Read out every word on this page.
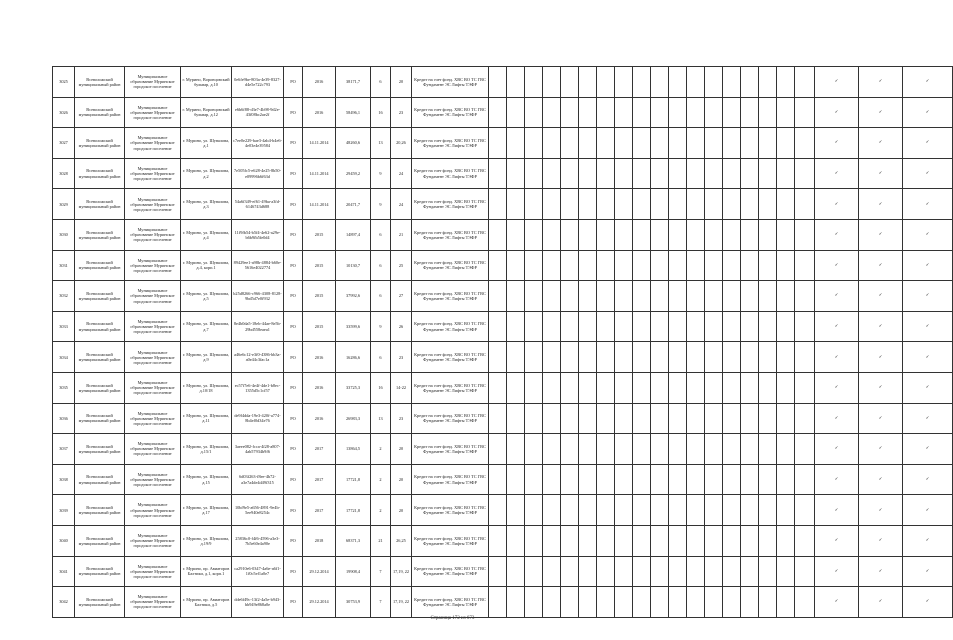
3025	Всеволожский муниципальный район	Муниципальное образование Муринское городское поселение	г. Мурино, Воронцовский бульвар, д.10	0e6fe9be-803a-4e39-8327-d4e5e722c793	РО	2016	38171,7	6	20	Кредит на счет фонд. ХВС ВО ТС ГВС Фундамент ЭС Лифты ТЭФР																			✓	✓	✓
3026	Всеволожский муниципальный район	Муниципальное образование Муринское городское поселение	г. Мурино, Воронцовский бульвар, д.12	e6b6f88-d3e7-4b98-9d2e-43f08bc2ae2f	РО	2016	58496,1	16	23	Кредит на счет фонд. ХВС ВО ТС ГВС Фундамент ЭС Лифты ТЭФР																			✓	✓	✓
3027	Всеволожский муниципальный район	Муниципальное образование Муринское городское поселение	г. Мурино, ул. Шувалова, д.1	c7ee0e229-bae3-4ab4-b4e6-4e03e4e39584	РО	14.11.2014	48260,6	13	20,26	Кредит на счет фонд. ХВС ВО ТС ГВС Фундамент ЭС Лифты ТЭФР																			✓	✓	✓
3028	Всеволожский муниципальный район	Муниципальное образование Муринское городское поселение	г. Мурино, ул. Шувалова, д.2	7e505fc5-e628-4e25-8b50-e09996b6f63d	РО	14.11.2014	29459,2	9	24	Кредит на счет фонд. ХВС ВО ТС ГВС Фундамент ЭС Лифты ТЭФР																			✓	✓	✓
3029	Всеволожский муниципальный район	Муниципальное образование Муринское городское поселение	г. Мурино, ул. Шувалова, д.3	54a6f349-ef61-49ba-a3fd-6146743d688	РО	14.11.2014	20471,7	9	24	Кредит на счет фонд. ХВС ВО ТС ГВС Фундамент ЭС Лифты ТЭФР																			✓	✓	✓
3030	Всеволожский муниципальный район	Муниципальное образование Муринское городское поселение	г. Мурино, ул. Шувалова, д.4	11f9fb54-b5f4-4e62-a29e-b6b9fb5fe0d4	РО	2015	14897,4	6	21	Кредит на счет фонд. ХВС ВО ТС ГВС Фундамент ЭС Лифты ТЭФР																			✓	✓	✓
3031	Всеволожский муниципальный район	Муниципальное образование Муринское городское поселение	г. Мурино, ул. Шувалова, д.4, корп.1	89429ee1-a98b-4884-b60e-5616e4022774	РО	2015	10130,7	6	25	Кредит на счет фонд. ХВС ВО ТС ГВС Фундамент ЭС Лифты ТЭФР																			✓	✓	✓
3032	Всеволожский муниципальный район	Муниципальное образование Муринское городское поселение	г. Мурино, ул. Шувалова, д.5	b25d8266-c966-4308-8128-9bd5d7e0f932	РО	2015	37992,6	6	27	Кредит на счет фонд. ХВС ВО ТС ГВС Фундамент ЭС Лифты ТЭФР																			✓	✓	✓
3033	Всеволожский муниципальный район	Муниципальное образование Муринское городское поселение	г. Мурино, ул. Шувалова, д.7	8e4b0da5-18eb-44ae-8e5b-29bd558eaea1	РО	2015	33599,6	9	26	Кредит на счет фонд. ХВС ВО ТС ГВС Фундамент ЭС Лифты ТЭФР																			✓	✓	✓
3034	Всеволожский муниципальный район	Муниципальное образование Муринское городское поселение	г. Мурино, ул. Шувалова, д.9	a46e6c12-e3f0-4386-bb3a-a0e44c3fac1a	РО	2016	16286,6	6	23	Кредит на счет фонд. ХВС ВО ТС ГВС Фундамент ЭС Лифты ТЭФР																			✓	✓	✓
3035	Всеволожский муниципальный район	Муниципальное образование Муринское городское поселение	г. Мурино, ул. Шувалова, д.10/18	ec57f7e6-4e4f-4de1-b8ec-1355d5c1cf57	РО	2016	33725,3	16	14-22	Кредит на счет фонд. ХВС ВО ТС ГВС Фундамент ЭС Лифты ТЭФР																			✓	✓	✓
3036	Всеволожский муниципальный район	Муниципальное образование Муринское городское поселение	г. Мурино, ул. Шувалова, д.11	de9f4dda-19e3-420f-a774-8b4ef0d34e76	РО	2016	26983,3	13	23	Кредит на счет фонд. ХВС ВО ТС ГВС Фундамент ЭС Лифты ТЭФР																			✓	✓	✓
3037	Всеволожский муниципальный район	Муниципальное образование Муринское городское поселение	г. Мурино, ул. Шувалова, д.15/1	3aeee082-fcca-4f28-a807-4ab57934b9f6	РО	2017	13864,5	2	20	Кредит на счет фонд. ХВС ВО ТС ГВС Фундамент ЭС Лифты ТЭФР																			✓	✓	✓
3038	Всеволожский муниципальный район	Муниципальное образование Муринское городское поселение	г. Мурино, ул. Шувалова, д.15	6d03f263-f8ee-4b72-a3e7a4de4d49f315	РО	2017	17721,8	2	20	Кредит на счет фонд. ХВС ВО ТС ГВС Фундамент ЭС Лифты ТЭФР																			✓	✓	✓
3039	Всеволожский муниципальный район	Муниципальное образование Муринское городское поселение	г. Мурино, ул. Шувалова, д.17	10bf9e5-a656-4891-9e4b-5ee940e8254c	РО	2017	17721,8	2	20	Кредит на счет фонд. ХВС ВО ТС ГВС Фундамент ЭС Лифты ТЭФР																			✓	✓	✓
3040	Всеволожский муниципальный район	Муниципальное образование Муринское городское поселение	г. Мурино, ул. Шувалова, д.19/9	25836c0-f4f6-4596-a3e3-7b5e60e4a90e	РО	2018	68371,3	21	26,25	Кредит на счет фонд. ХВС ВО ТС ГВС Фундамент ЭС Лифты ТЭФР																			✓	✓	✓
3041	Всеволожский муниципальный район	Муниципальное образование Муринское городское поселение	г. Мурино, пр. Авиаторов Балтики, д.1, корп.1	ca2910e6-0347-4a6e-a6f1-1f0c5ef1a0e7	РО	29.12.2014	19908,4	7	17,19, 22	Кредит на счет фонд. ХВС ВО ТС ГВС Фундамент ЭС Лифты ТЭФР																			✓	✓	✓
3042	Всеволожский муниципальный район	Муниципальное образование Муринское городское поселение	г. Мурино, пр. Авиаторов Балтики, д.5	dde6f49c-13f2-4a5e-b943-bb949e868a0e	РО	29.12.2014	30753,9	7	17,19, 22	Кредит на счет фонд. ХВС ВО ТС ГВС Фундамент ЭС Лифты ТЭФР																			✓	✓	✓
Страница 172 из 673
